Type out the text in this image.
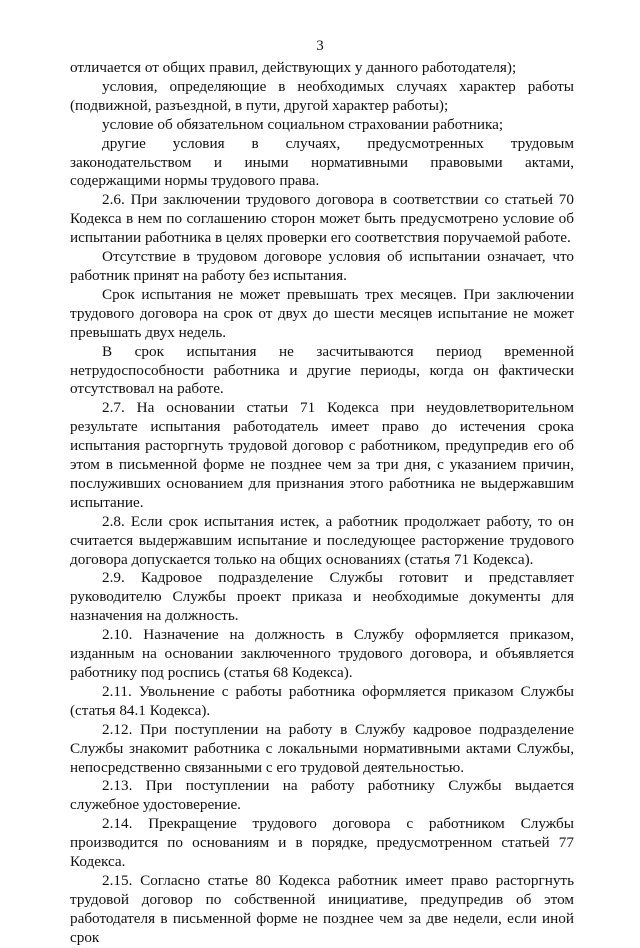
3

отличается от общих правил, действующих у данного работодателя);

условия, определяющие в необходимых случаях характер работы (подвижной, разъездной, в пути, другой характер работы);

условие об обязательном социальном страховании работника;

другие условия в случаях, предусмотренных трудовым законодательством и иными нормативными правовыми актами, содержащими нормы трудового права.

2.6. При заключении трудового договора в соответствии со статьей 70 Кодекса в нем по соглашению сторон может быть предусмотрено условие об испытании работника в целях проверки его соответствия поручаемой работе.

Отсутствие в трудовом договоре условия об испытании означает, что работник принят на работу без испытания.

Срок испытания не может превышать трех месяцев. При заключении трудового договора на срок от двух до шести месяцев испытание не может превышать двух недель.

В срок испытания не засчитываются период временной нетрудоспособности работника и другие периоды, когда он фактически отсутствовал на работе.

2.7. На основании статьи 71 Кодекса при неудовлетворительном результате испытания работодатель имеет право до истечения срока испытания расторгнуть трудовой договор с работником, предупредив его об этом в письменной форме не позднее чем за три дня, с указанием причин, послуживших основанием для признания этого работника не выдержавшим испытание.

2.8. Если срок испытания истек, а работник продолжает работу, то он считается выдержавшим испытание и последующее расторжение трудового договора допускается только на общих основаниях (статья 71 Кодекса).

2.9. Кадровое подразделение Службы готовит и представляет руководителю Службы проект приказа и необходимые документы для назначения на должность.

2.10. Назначение на должность в Службу оформляется приказом, изданным на основании заключенного трудового договора, и объявляется работнику под роспись (статья 68 Кодекса).

2.11. Увольнение с работы работника оформляется приказом Службы (статья 84.1 Кодекса).

2.12. При поступлении на работу в Службу кадровое подразделение Службы знакомит работника с локальными нормативными актами Службы, непосредственно связанными с его трудовой деятельностью.

2.13. При поступлении на работу работнику Службы выдается служебное удостоверение.

2.14. Прекращение трудового договора с работником Службы производится по основаниям и в порядке, предусмотренном статьей 77 Кодекса.

2.15. Согласно статье 80 Кодекса работник имеет право расторгнуть трудовой договор по собственной инициативе, предупредив об этом работодателя в письменной форме не позднее чем за две недели, если иной срок
